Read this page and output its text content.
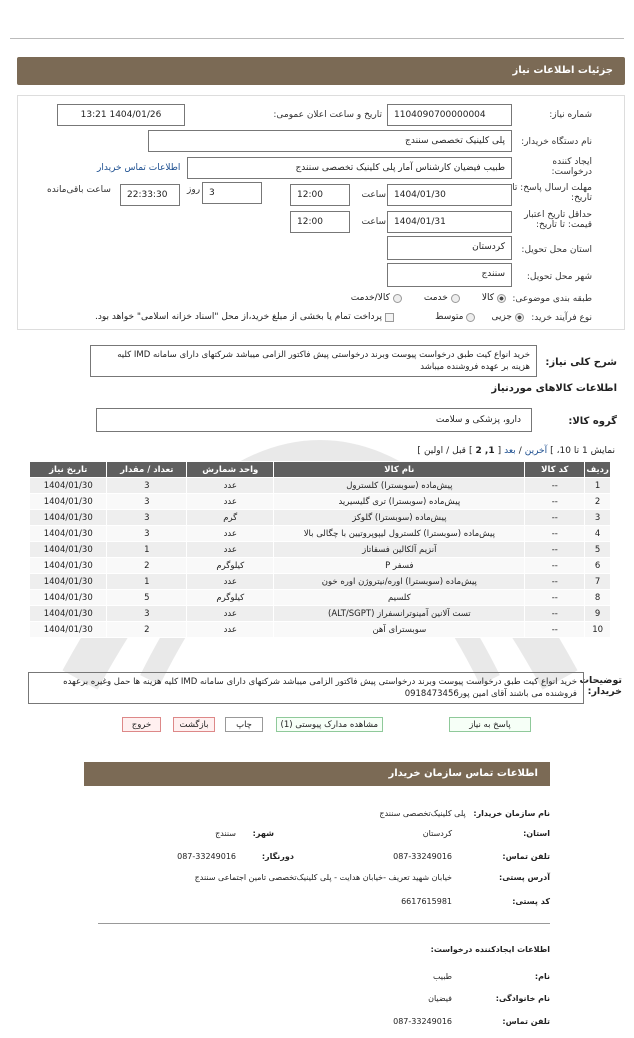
جزئیات اطلاعات نیاز
شماره نیاز:
1104090700000004
تاریخ و ساعت اعلان عمومی:
1404/01/26 13:21
نام دستگاه خریدار:
پلی کلینیک تخصصی سنندج
ایجاد کننده درخواست:
طبیب فیضیان کارشناس آمار پلی کلینیک تخصصی سنندج
اطلاعات تماس خریدار
مهلت ارسال پاسخ: تا تاریخ:
1404/01/30
ساعت
12:00
3
روز
22:33:30
ساعت باقی‌مانده
حداقل تاریخ اعتبار قیمت: تا تاریخ:
1404/01/31
ساعت
12:00
استان محل تحویل:
کردستان
شهر محل تحویل:
سنندج
طبقه بندی موضوعی:
کالا
خدمت
کالا/خدمت
نوع فرآیند خرید:
جزیی
متوسط
پرداخت تمام یا بخشی از مبلغ خرید،از محل "اسناد خزانه اسلامی" خواهد بود.
شرح کلی نیاز:
خرید انواع کیت طبق درخواست پیوست وبرند درخواستی پیش فاکتور الزامی میباشد شرکتهای دارای سامانه IMD کلیه هزینه بر عهده فروشنده میباشد
اطلاعات کالاهای موردنیاز
گروه کالا:
دارو، پزشکی و سلامت
نمایش 1 تا 10،
]
آخرین
/
بعد
[
1, 2
]
قبل
/
اولین
]
ردیف	کد کالا	نام کالا	واحد شمارش	تعداد / مقدار	تاریخ نیاز
1	--	پیش‌ماده (سوبسترا) کلسترول	عدد	3	1404/01/30
2	--	پیش‌ماده (سوبسترا) تری گلیسیرید	عدد	3	1404/01/30
3	--	پیش‌ماده (سوبسترا) گلوکز	گرم	3	1404/01/30
4	--	پیش‌ماده (سوبسترا) کلسترول لیپوپروتیین با چگالی بالا	عدد	3	1404/01/30
5	--	آنزیم آلکالین فسفاتاز	عدد	1	1404/01/30
6	--	فسفر P	کیلوگرم	2	1404/01/30
7	--	پیش‌ماده (سوبسترا) اوره/نیتروژن اوره خون	عدد	1	1404/01/30
8	--	کلسیم	کیلوگرم	5	1404/01/30
9	--	تست آلانین آمینوترانسفراز (ALT/SGPT)	عدد	3	1404/01/30
10	--	سوبسترای آهن	عدد	2	1404/01/30
توضیحات خریدار:
خرید انواع کیت طبق درخواست پیوست وبرند درخواستی پیش فاکتور الزامی میباشد شرکتهای دارای سامانه IMD کلیه هزینه ها حمل وغیره برعهده فروشنده می باشند آقای امین پور0918473456
پاسخ به نیاز
مشاهده مدارک پیوستی (1)
چاپ
بازگشت
خروج
اطلاعات تماس سازمان خریدار
نام سازمان خریدار:   پلی کلینیک‌تخصصی سنندج
استان:
کردستان
شهر:
سنندج
تلفن تماس:
087-33249016
دورنگار:
087-33249016
آدرس پستی:
خیابان شهید تعریف -خیابان هدایت - پلی کلینیک‌تخصصی تامین اجتماعی سنندج
کد پستی:
6617615981
اطلاعات ایجادکننده درخواست:
نام:
طبیب
نام خانوادگی:
فیضیان
تلفن تماس:
087-33249016
